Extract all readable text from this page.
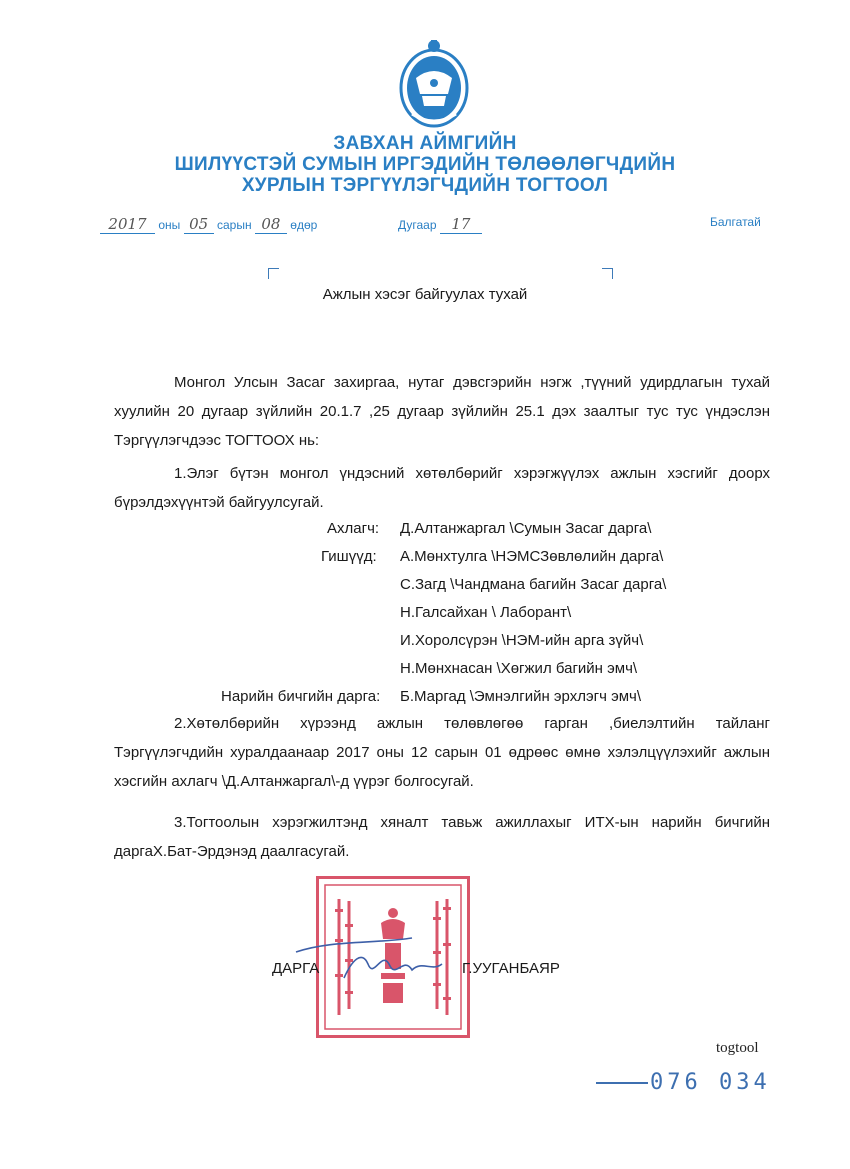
ЗАВХАН АЙМГИЙН
ШИЛҮҮСТЭЙ СУМЫН ИРГЭДИЙН ТӨЛӨӨЛӨГЧДИЙН
ХУРЛЫН ТЭРГҮҮЛЭГЧДИЙН ТОГТООЛ
2017 оны 05 сарын 08 өдөр	Дугаар 17	Балгатай
Ажлын хэсэг байгуулах тухай
Монгол Улсын Засаг захиргаа, нутаг дэвсгэрийн нэгж ,түүний удирдлагын тухай хуулийн 20 дугаар зүйлийн 20.1.7 ,25 дугаар зүйлийн 25.1 дэх заалтыг тус тус үндэслэн Тэргүүлэгчдээс ТОГТООХ нь:
1.Элэг бүтэн монгол үндэсний хөтөлбөрийг хэрэгжүүлэх ажлын хэсгийг доорх бүрэлдэхүүнтэй байгуулсугай.
Ахлагч: Д.Алтанжаргал \Сумын Засаг дарга\
Гишүүд: А.Мөнхтулга \НЭМСЗөвлөлийн дарга\
С.Загд \Чандмана багийн Засаг дарга\
Н.Галсайхан \ Лаборант\
И.Хоролсүрэн \НЭМ-ийн арга зүйч\
Н.Мөнхнасан \Хөгжил багийн эмч\
Нарийн бичгийн дарга: Б.Маргад \Эмнэлгийн эрхлэгч эмч\
2.Хөтөлбөрийн хүрээнд ажлын төлөвлөгөө гарган ,биелэлтийн тайланг Тэргүүлэгчдийн хуралдаанаар 2017 оны 12 сарын 01 өдрөөс өмнө хэлэлцүүлэхийг ажлын хэсгийн ахлагч \Д.Алтанжаргал\-д үүрэг болгосугай.
3.Тогтоолын хэрэгжилтэнд хяналт тавьж ажиллахыг ИТХ-ын нарийн бичгийн даргаХ.Бат-Эрдэнэд даалгасугай.
ДАРГА	Г.УУГАНБАЯР
togtool
076 034
